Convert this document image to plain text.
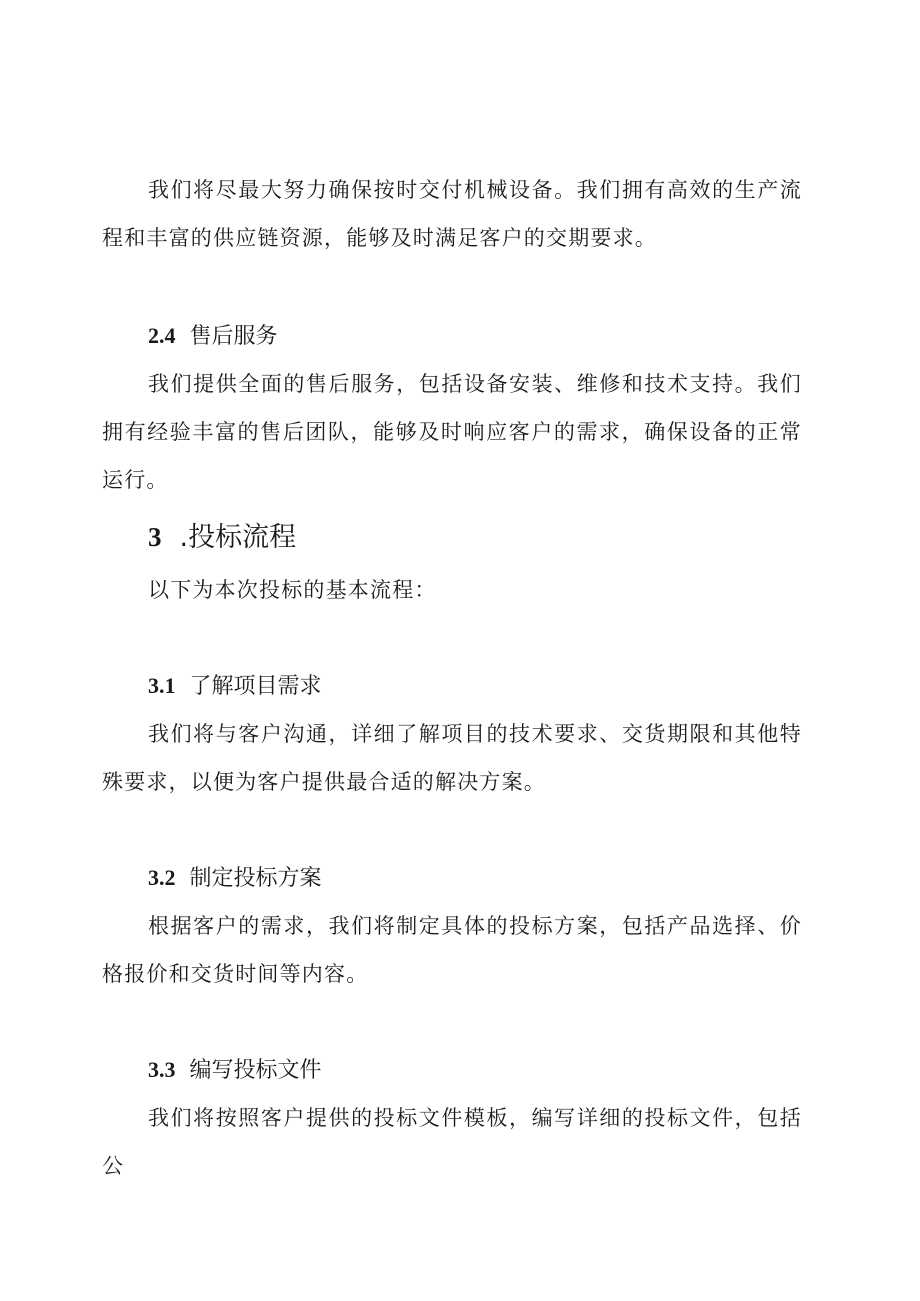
我们将尽最大努力确保按时交付机械设备。我们拥有高效的生产流程和丰富的供应链资源，能够及时满足客户的交期要求。

2.4 售后服务

我们提供全面的售后服务，包括设备安装、维修和技术支持。我们拥有经验丰富的售后团队，能够及时响应客户的需求，确保设备的正常运行。

3 .投标流程

以下为本次投标的基本流程：

3.1 了解项目需求

我们将与客户沟通，详细了解项目的技术要求、交货期限和其他特殊要求，以便为客户提供最合适的解决方案。

3.2 制定投标方案

根据客户的需求，我们将制定具体的投标方案，包括产品选择、价格报价和交货时间等内容。

3.3 编写投标文件

我们将按照客户提供的投标文件模板，编写详细的投标文件，包括公
